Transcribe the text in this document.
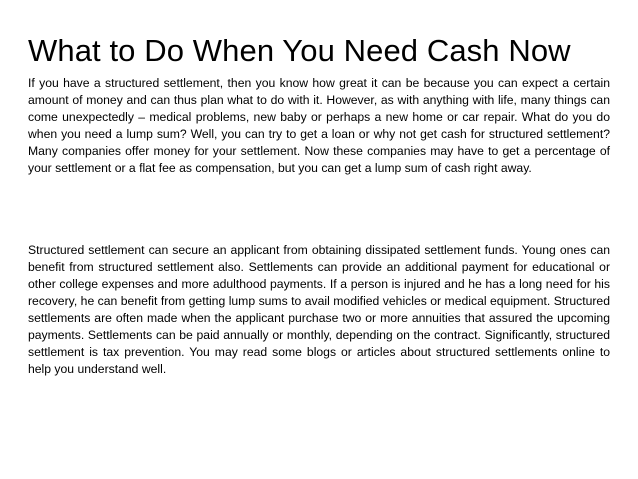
What to Do When You Need Cash Now

If you have a structured settlement, then you know how great it can be because you can expect a certain amount of money and can thus plan what to do with it. However, as with anything with life, many things can come unexpectedly – medical problems, new baby or perhaps a new home or car repair. What do you do when you need a lump sum? Well, you can try to get a loan or why not get cash for structured settlement? Many companies offer money for your settlement. Now these companies may have to get a percentage of your settlement or a flat fee as compensation, but you can get a lump sum of cash right away.

Structured settlement can secure an applicant from obtaining dissipated settlement funds. Young ones can benefit from structured settlement also. Settlements can provide an additional payment for educational or other college expenses and more adulthood payments. If a person is injured and he has a long need for his recovery, he can benefit from getting lump sums to avail modified vehicles or medical equipment. Structured settlements are often made when the applicant purchase two or more annuities that assured the upcoming payments. Settlements can be paid annually or monthly, depending on the contract. Significantly, structured settlement is tax prevention. You may read some blogs or articles about structured settlements online to help you understand well.
